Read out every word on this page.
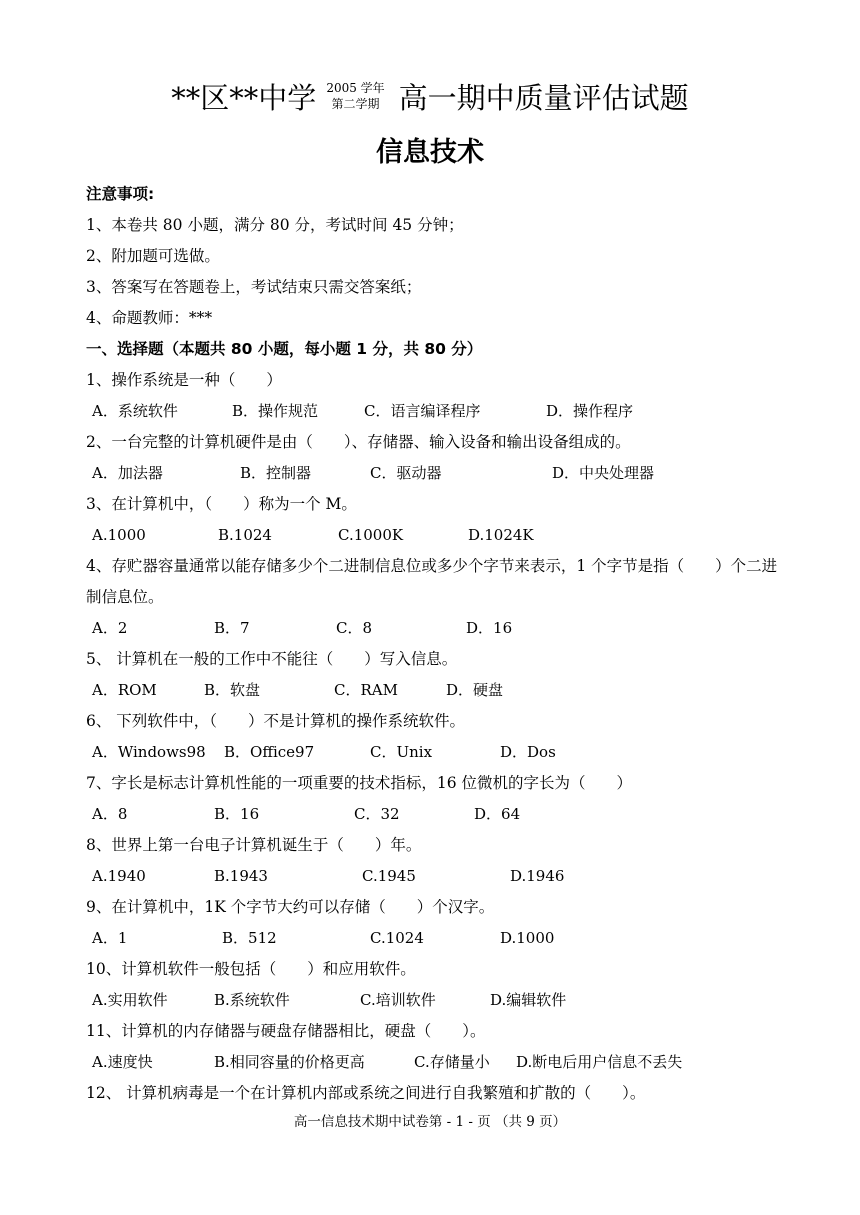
**区**中学 2005 学年
第二学期 高一期中质量评估试题
信息技术
注意事项:
1、本卷共 80 小题，满分 80 分，考试时间 45 分钟；
2、附加题可选做。
3、答案写在答题卷上，考试结束只需交答案纸；
4、命题教师：***
一、选择题（本题共 80 小题，每小题 1 分，共 80 分）
1、操作系统是一种（　　）
A．系统软件	B．操作规范	C．语言编译程序	D．操作程序
2、一台完整的计算机硬件是由（　　）、存储器、输入设备和输出设备组成的。
A．加法器	B．控制器	C．驱动器	D．中央处理器
3、在计算机中，（　　）称为一个 M。
A.1000	B.1024	C.1000K	D.1024K
4、存贮器容量通常以能存储多少个二进制信息位或多少个字节来表示，1 个字节是指（　　）个二进制信息位。
A．2	B．7	C．8	D．16
5、 计算机在一般的工作中不能往（　　）写入信息。
A．ROM	B．软盘	C．RAM	D．硬盘
6、 下列软件中，（　　）不是计算机的操作系统软件。
A．Windows98	B．Office97	C．Unix	D．Dos
7、字长是标志计算机性能的一项重要的技术指标，16 位微机的字长为（　　）
A．8	B．16	C．32	D．64
8、世界上第一台电子计算机诞生于（　　）年。
A.1940	B.1943	C.1945	D.1946
9、在计算机中，1K 个字节大约可以存储（　　）个汉字。
A．1	B．512	C.1024	D.1000
10、计算机软件一般包括（　　）和应用软件。
A.实用软件	B.系统软件	C.培训软件	D.编辑软件
11、计算机的内存储器与硬盘存储器相比，硬盘（　　）。
A.速度快	B.相同容量的价格更高	C.存储量小	D.断电后用户信息不丢失
12、 计算机病毒是一个在计算机内部或系统之间进行自我繁殖和扩散的（　　）。
高一信息技术期中试卷第 - 1 - 页 （共 9 页）
